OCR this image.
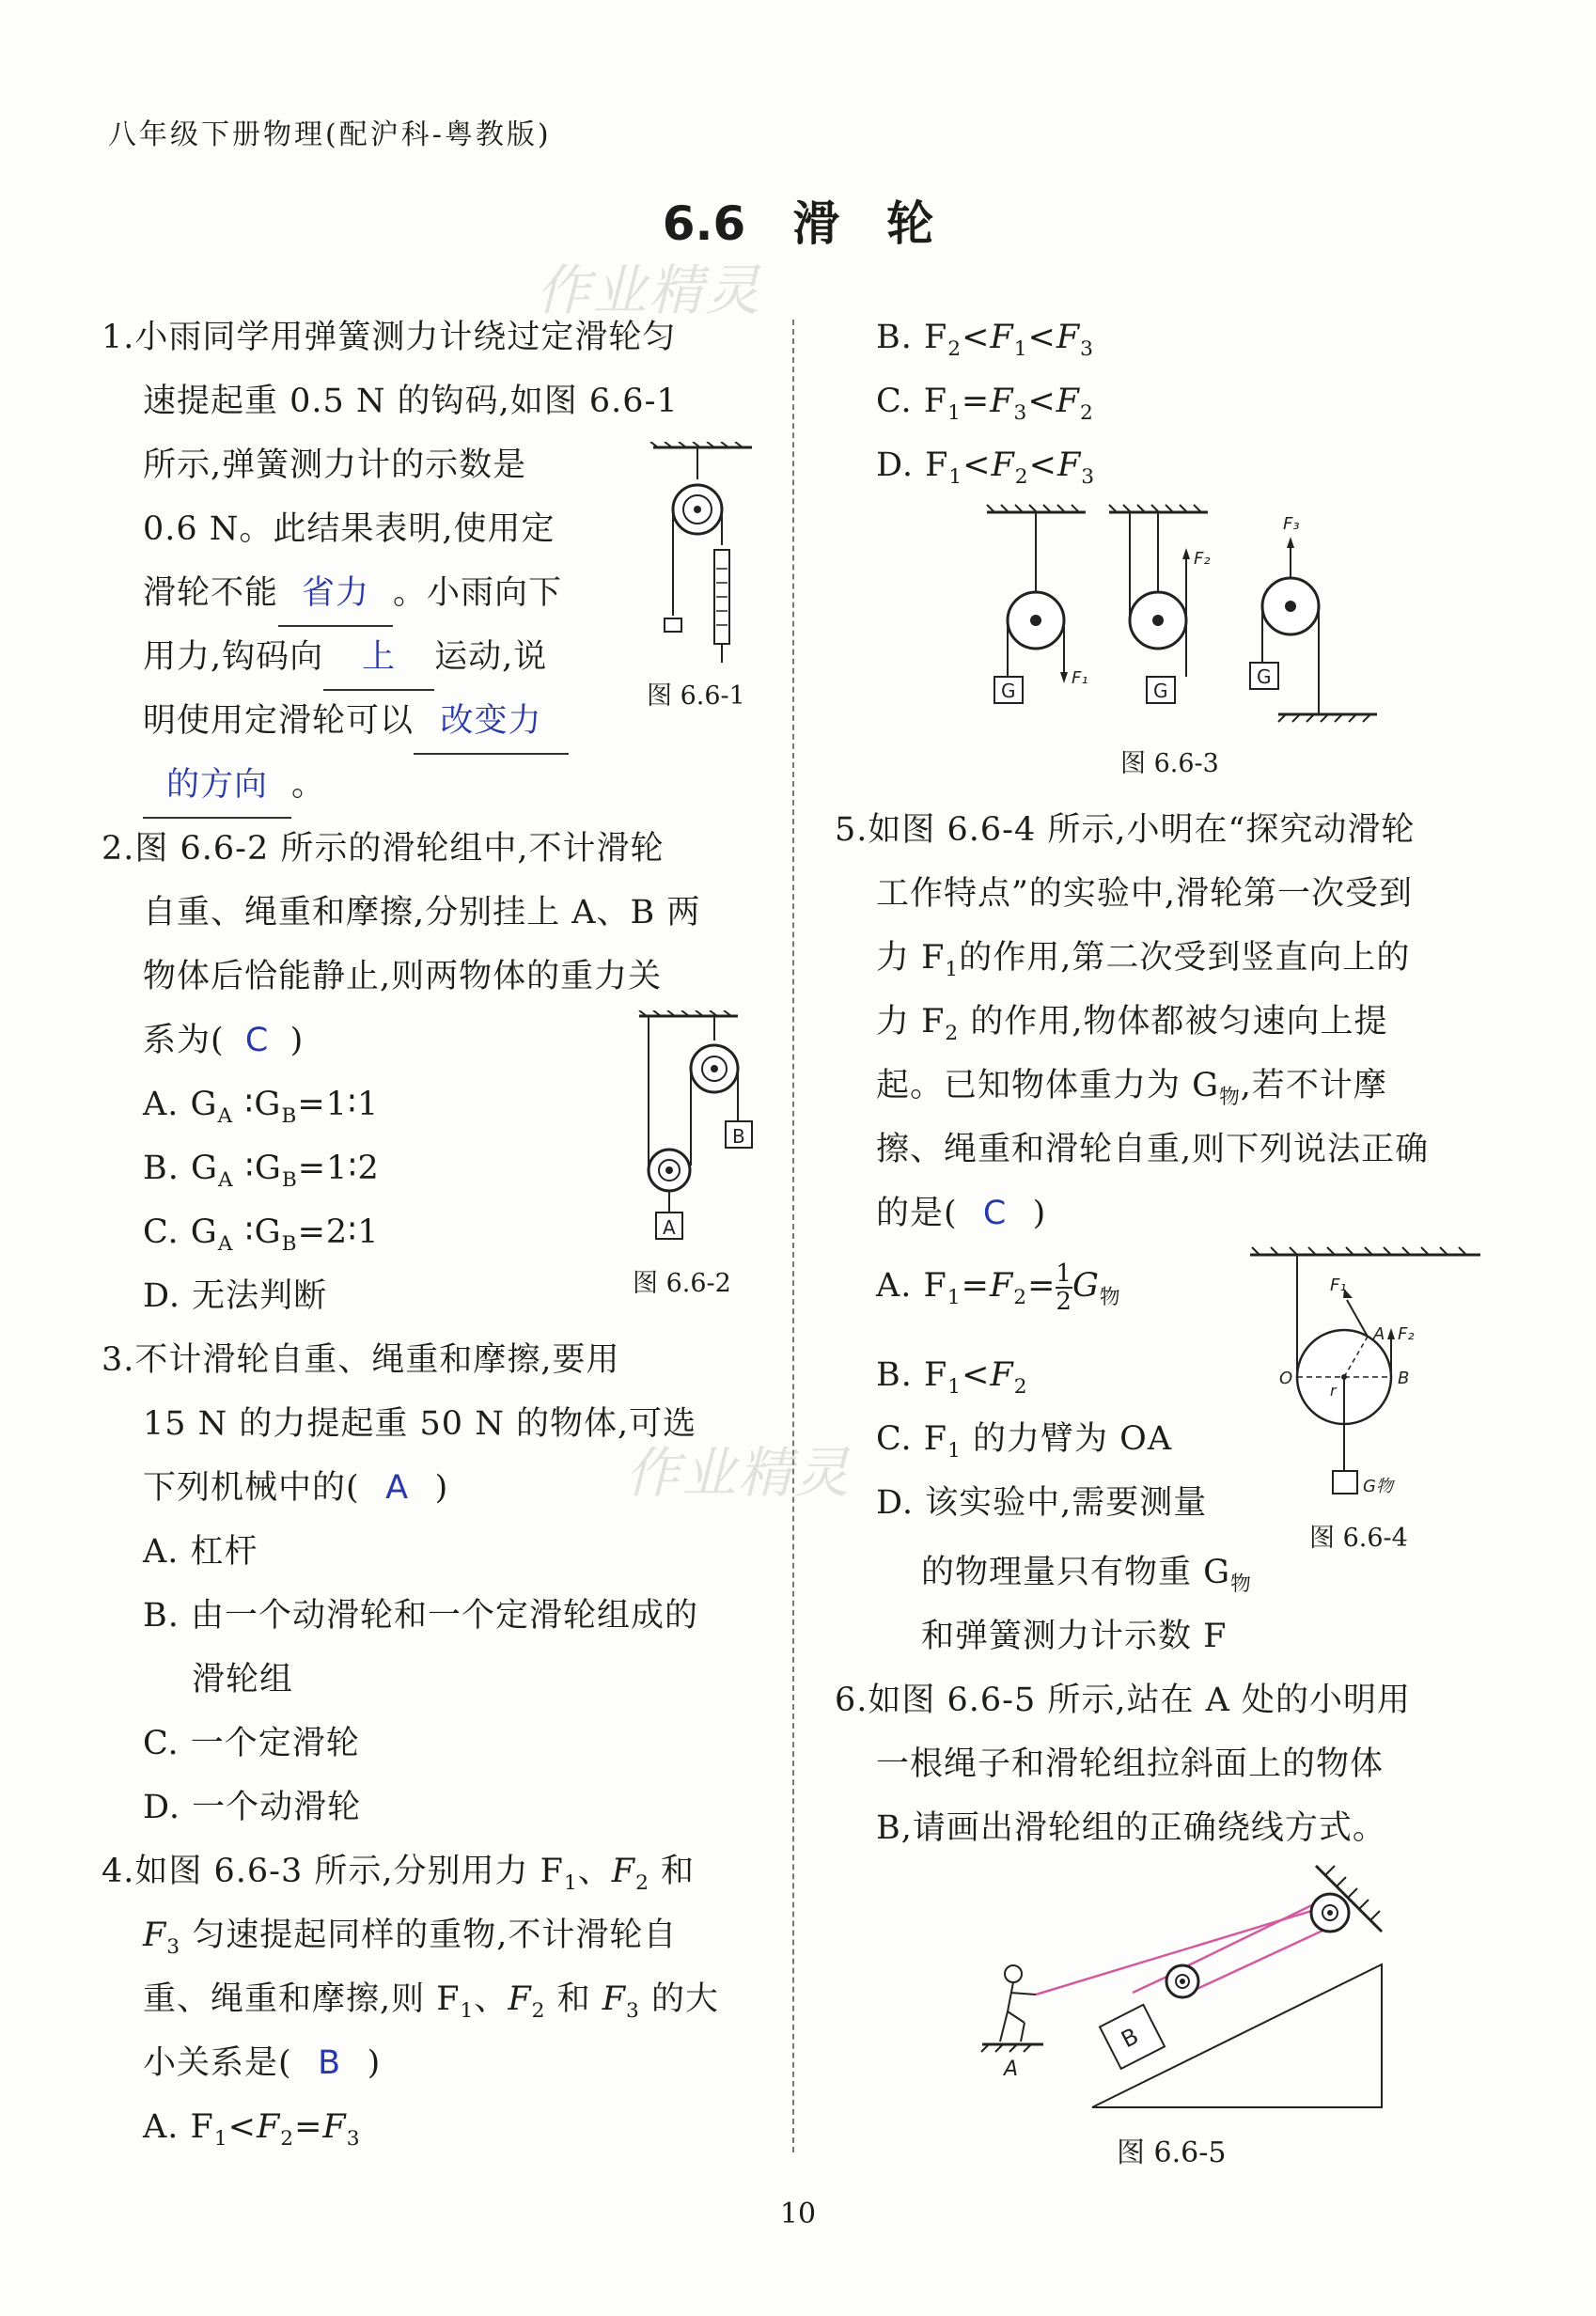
八年级下册物理(配沪科-粤教版)
6.6　滑　轮
作业精灵
作业精灵
1.小雨同学用弹簧测力计绕过定滑轮匀
速提起重 0.5 N 的钩码,如图 6.6-1
所示,弹簧测力计的示数是
0.6 N。此结果表明,使用定
滑轮不能 省力 。小雨向下
用力,钩码向 上 运动,说
明使用定滑轮可以 改变力
的方向 。
2.图 6.6-2 所示的滑轮组中,不计滑轮
自重、绳重和摩擦,分别挂上 A、B 两
物体后恰能静止,则两物体的重力关
系为( C )
A. $G_A$ $∶G_B=1∶1$
B. $G_A$ $∶G_B=1∶2$
C. $G_A$ $∶G_B=2∶1$
D. 无法判断
3.不计滑轮自重、绳重和摩擦,要用
15 N 的力提起重 50 N 的物体,可选
下列机械中的( A )
A. 杠杆
B. 由一个动滑轮和一个定滑轮组成的
滑轮组
C. 一个定滑轮
D. 一个动滑轮
4.如图 6.6-3 所示,分别用力 $F_1$、$F_2$ 和
$F_3$ 匀速提起同样的重物,不计滑轮自
重、绳重和摩擦,则 $F_1$、$F_2$ 和 $F_3$ 的大
小关系是( B )
A. $F_1<F_2=F_3$
图 6.6-1
B
A
图 6.6-2
B. $F_2<F_1<F_3$
C. $F_1=F_3<F_2$
D. $F_1<F_2<F_3$
5.如图 6.6-4 所示,小明在“探究动滑轮
工作特点”的实验中,滑轮第一次受到
力 $F_1$的作用,第二次受到竖直向上的
力 $F_2$ 的作用,物体都被匀速向上提
起。已知物体重力为 $G_物$,若不计摩
擦、绳重和滑轮自重,则下列说法正确
的是( C )
A. $F_1=F_2= \frac{1}{2} G_物$
B. $F_1<F_2$
C. $F_1$ 的力臂为 OA
D. 该实验中,需要测量
的物理量只有物重 $G_物$
和弹簧测力计示数 F
6.如图 6.6-5 所示,站在 A 处的小明用
一根绳子和滑轮组拉斜面上的物体
B,请画出滑轮组的正确绕线方式。
F₁
G
F₂
G
F₃
G
图 6.6-3
F₁
A F₂
O	B
r
G物
图 6.6-4
A
B
图 6.6-5
10
